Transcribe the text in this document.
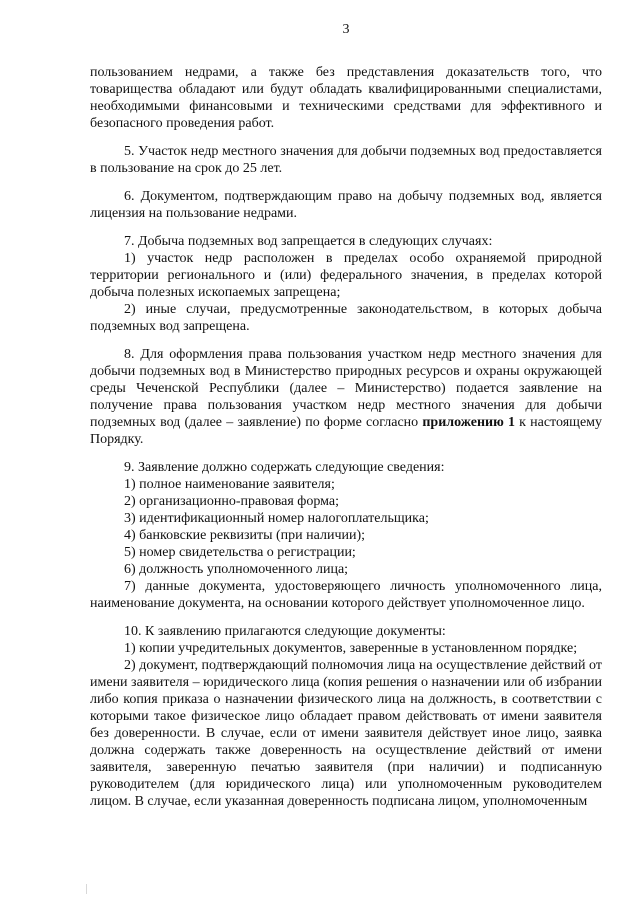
3

пользованием недрами, а также без представления доказательств того, что товарищества обладают или будут обладать квалифицированными специалистами, необходимыми финансовыми и техническими средствами для эффективного и безопасного проведения работ.

5. Участок недр местного значения для добычи подземных вод предоставляется в пользование на срок до 25 лет.

6. Документом, подтверждающим право на добычу подземных вод, является лицензия на пользование недрами.

7. Добыча подземных вод запрещается в следующих случаях:

1) участок недр расположен в пределах особо охраняемой природной территории регионального и (или) федерального значения, в пределах которой добыча полезных ископаемых запрещена;

2) иные случаи, предусмотренные законодательством, в которых добыча подземных вод запрещена.

8. Для оформления права пользования участком недр местного значения для добычи подземных вод в Министерство природных ресурсов и охраны окружающей среды Чеченской Республики (далее – Министерство) подается заявление на получение права пользования участком недр местного значения для добычи подземных вод (далее – заявление) по форме согласно приложению 1 к настоящему Порядку.

9. Заявление должно содержать следующие сведения:

1) полное наименование заявителя;

2) организационно-правовая форма;

3) идентификационный номер налогоплательщика;

4) банковские реквизиты (при наличии);

5) номер свидетельства о регистрации;

6) должность уполномоченного лица;

7) данные документа, удостоверяющего личность уполномоченного лица, наименование документа, на основании которого действует уполномоченное лицо.

10. К заявлению прилагаются следующие документы:

1) копии учредительных документов, заверенные в установленном порядке;

2) документ, подтверждающий полномочия лица на осуществление действий от имени заявителя – юридического лица (копия решения о назначении или об избрании либо копия приказа о назначении физического лица на должность, в соответствии с которыми такое физическое лицо обладает правом действовать от имени заявителя без доверенности. В случае, если от имени заявителя действует иное лицо, заявка должна содержать также доверенность на осуществление действий от имени заявителя, заверенную печатью заявителя (при наличии) и подписанную руководителем (для юридического лица) или уполномоченным руководителем лицом. В случае, если указанная доверенность подписана лицом, уполномоченным
